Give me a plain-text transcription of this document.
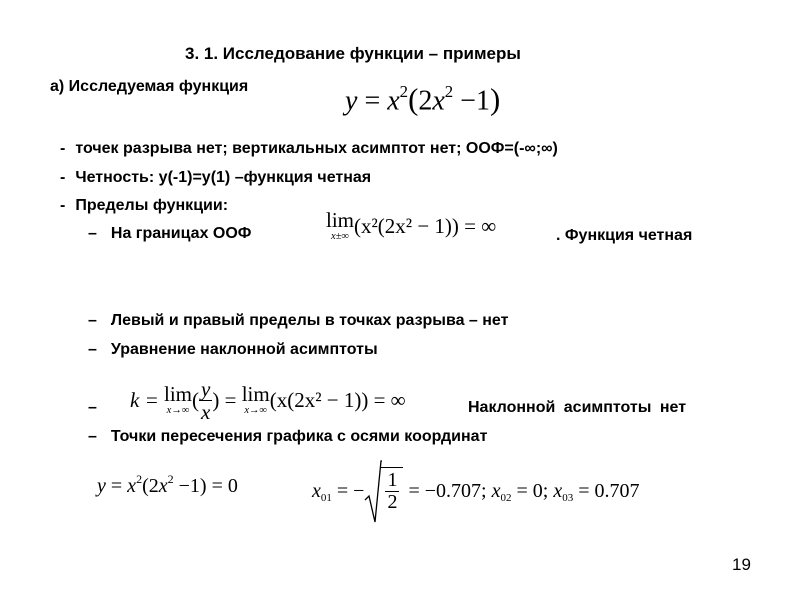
3. 1. Исследование функции – примеры
а) Исследуемая функция	$y = x^2(2x^2 -1)$
- точек разрыва нет; вертикальных асимптот нет; ООФ=(-∞;∞)
- Четность: y(-1)=y(1) –функция четная
- Пределы функции:
– На границах ООФ
lim
x±∞ (x²(2x² − 1)) = ∞	. Функция четная
– Левый и правый пределы в точках разрыва – нет
– Уравнение наклонной асимптоты
– k = lim
x→∞ ( $\frac{y}{x}$ ) = lim
x→∞ (x(2x² − 1)) = ∞	Наклонной асимптоты нет
– Точки пересечения графика с осями координат
$y = x^2(2x^2 -1) = 0$	$x_{01}$ = − $\frac{1}{2} = -0.707$; $x_{02} = 0$; $x_{03} = 0.707$
19
